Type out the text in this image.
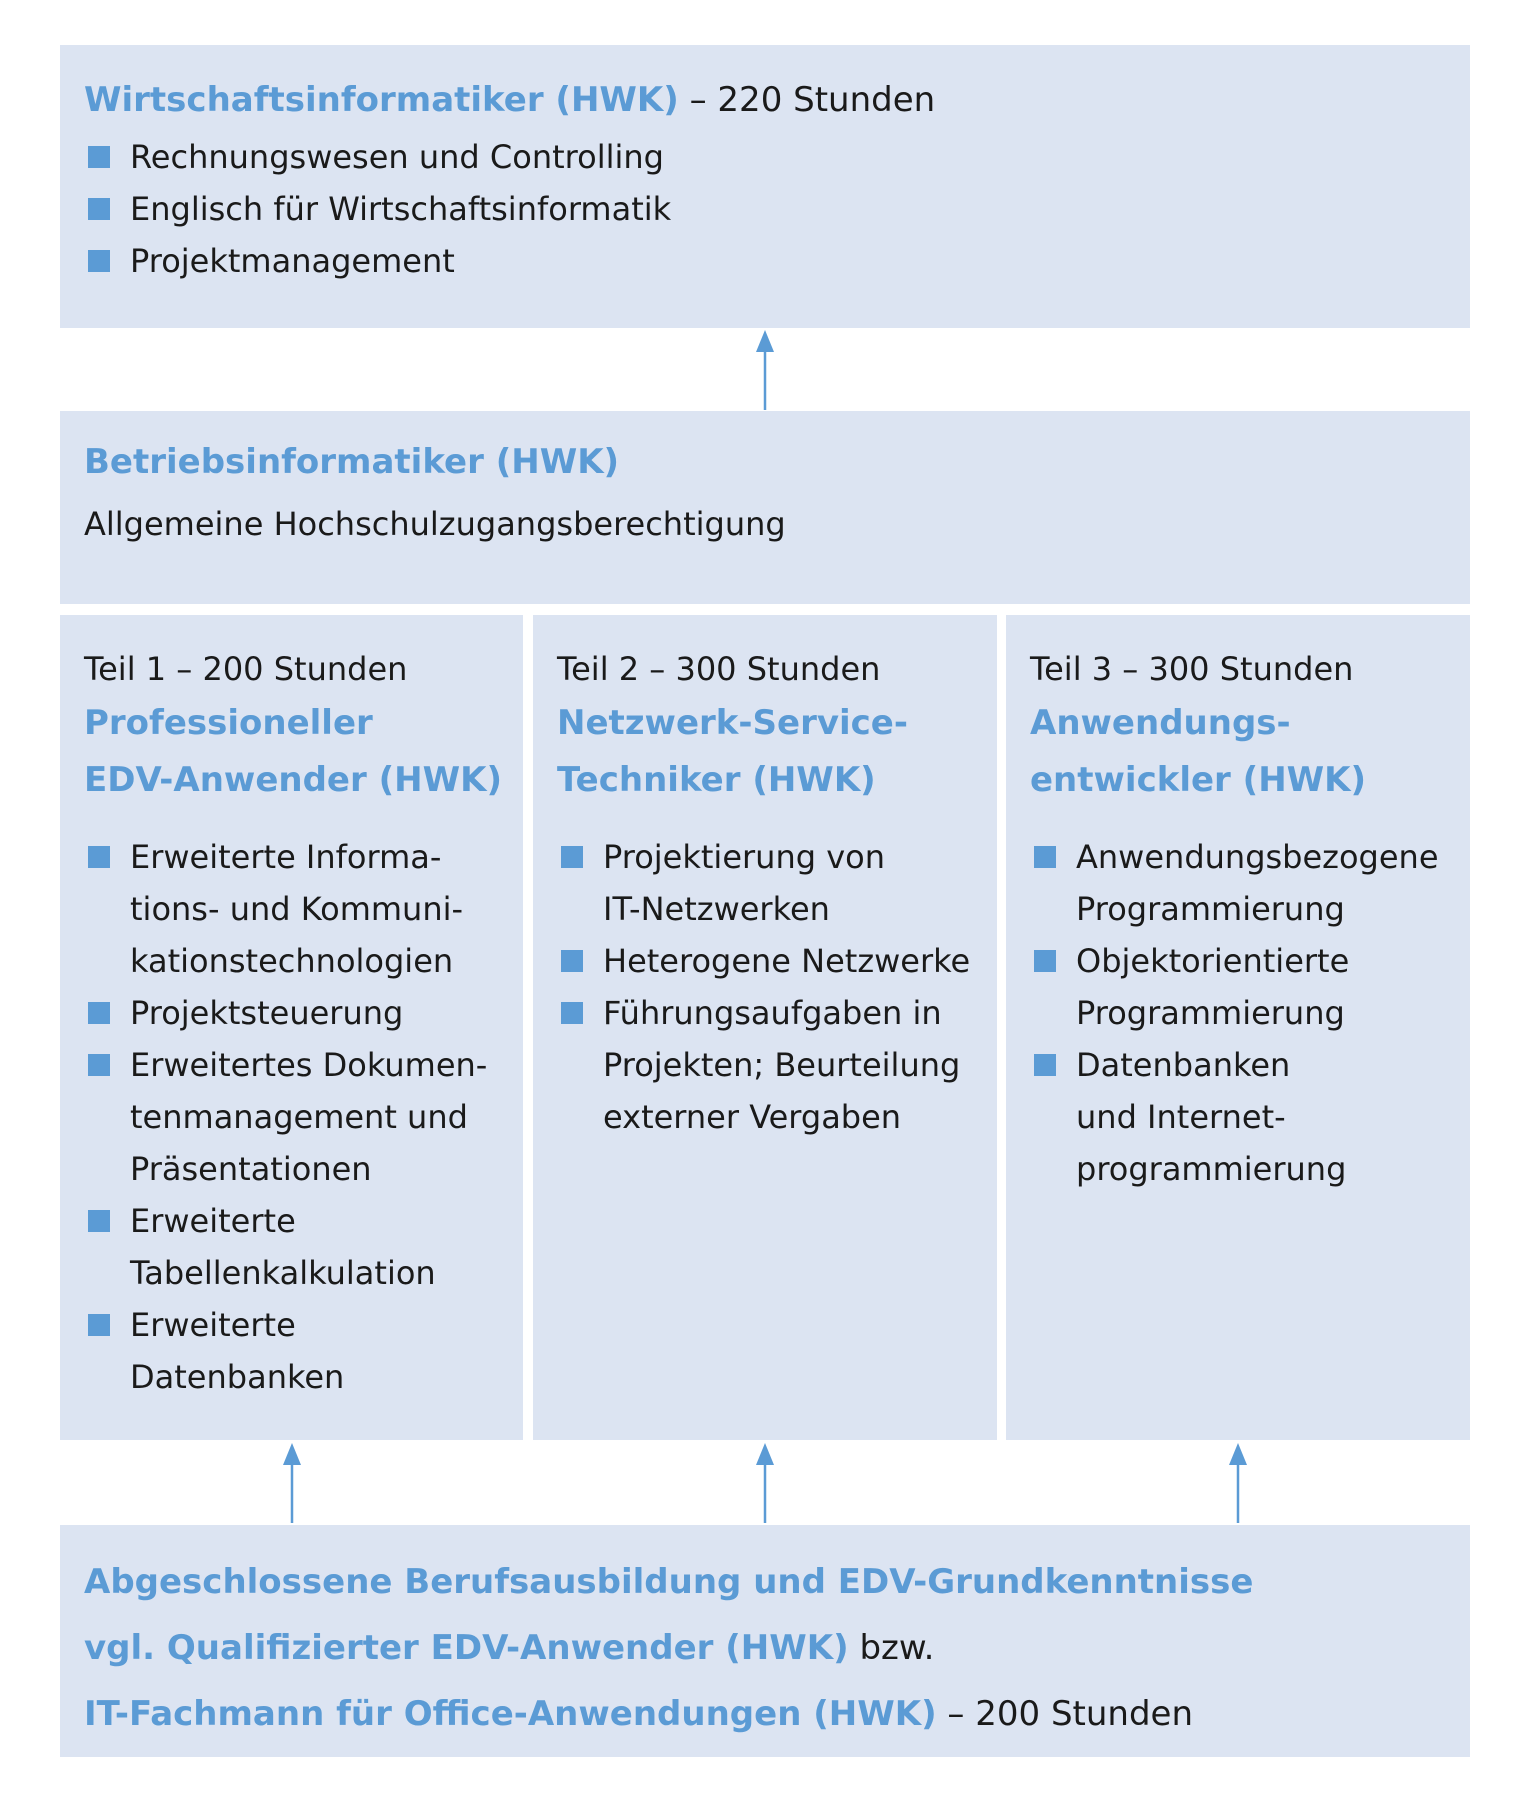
Wirtschaftsinformatiker (HWK) – 220 Stunden
Rechnungswesen und Controlling
Englisch für Wirtschaftsinformatik
Projektmanagement
Betriebsinformatiker (HWK)
Allgemeine Hochschulzugangsberechtigung
Teil 1 – 200 Stunden
Professioneller
EDV-Anwender (HWK)
Erweiterte Informa-
tions- und Kommuni-
kationstechnologien
Projektsteuerung
Erweitertes Dokumen-
tenmanagement und
Präsentationen
Erweiterte
Tabellenkalkulation
Erweiterte
Datenbanken
Teil 2 – 300 Stunden
Netzwerk-Service-
Techniker (HWK)
Projektierung von
IT-Netzwerken
Heterogene Netzwerke
Führungsaufgaben in
Projekten; Beurteilung
externer Vergaben
Teil 3 – 300 Stunden
Anwendungs-
entwickler (HWK)
Anwendungsbezogene
Programmierung
Objektorientierte
Programmierung
Datenbanken
und Internet-
programmierung
Abgeschlossene Berufsausbildung und EDV-Grundkenntnisse
vgl. Qualifizierter EDV-Anwender (HWK) bzw.
IT-Fachmann für Office-Anwendungen (HWK) – 200 Stunden
